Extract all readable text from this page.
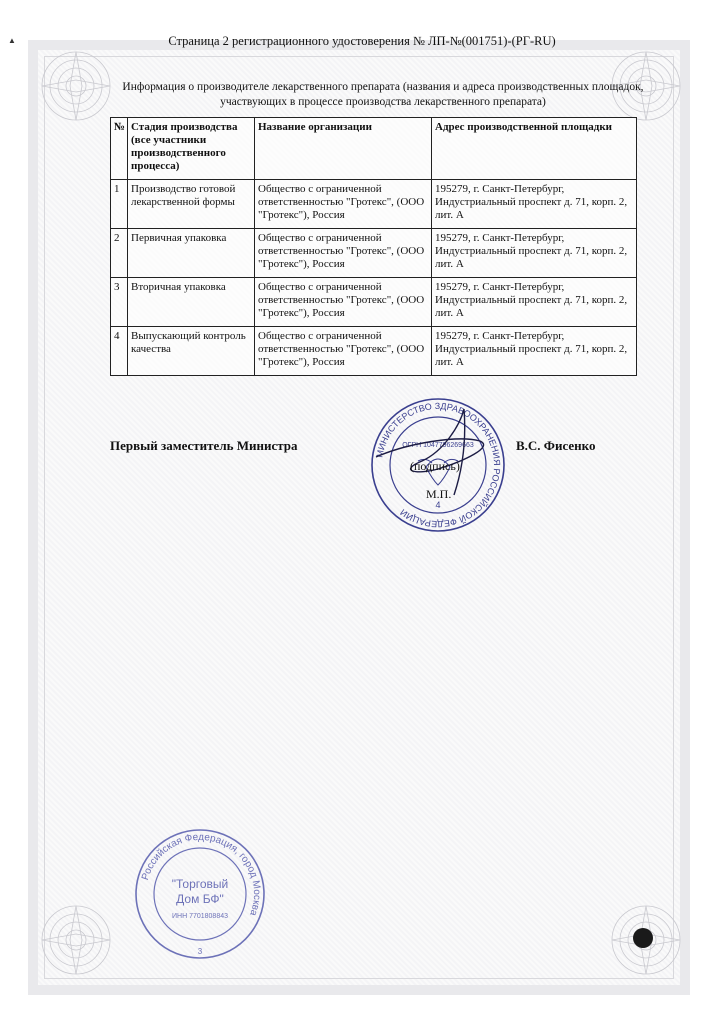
▲	Страница 2 регистрационного удостоверения № ЛП-№(001751)-(РГ-RU)
Информация о производителе лекарственного препарата (названия и адреса производственных площадок,
участвующих в процессе производства лекарственного препарата)
№	Стадия производства (все участники производственного процесса)	Название организации	Адрес производственной площадки
1	Производство готовой лекарственной формы	Общество с ограниченной ответственностью "Гротекс", (ООО "Гротекс"), Россия	195279, г. Санкт-Петербург, Индустриальный проспект д. 71, корп. 2, лит. А
2	Первичная упаковка	Общество с ограниченной ответственностью "Гротекс", (ООО "Гротекс"), Россия	195279, г. Санкт-Петербург, Индустриальный проспект д. 71, корп. 2, лит. А
3	Вторичная упаковка	Общество с ограниченной ответственностью "Гротекс", (ООО "Гротекс"), Россия	195279, г. Санкт-Петербург, Индустриальный проспект д. 71, корп. 2, лит. А
4	Выпускающий контроль качества	Общество с ограниченной ответственностью "Гротекс", (ООО "Гротекс"), Россия	195279, г. Санкт-Петербург, Индустриальный проспект д. 71, корп. 2, лит. А
МИНИСТЕРСТВО ЗДРАВООХРАНЕНИЯ РОССИЙСКОЙ ФЕДЕРАЦИИ
ОГРН 1047796269663
4
Первый заместитель Министра	В.С. Фисенко
(подпись)
М.П.
Российская Федерация, город Москва
"Торговый
Дом БФ"
ИНН 7701808843
3
